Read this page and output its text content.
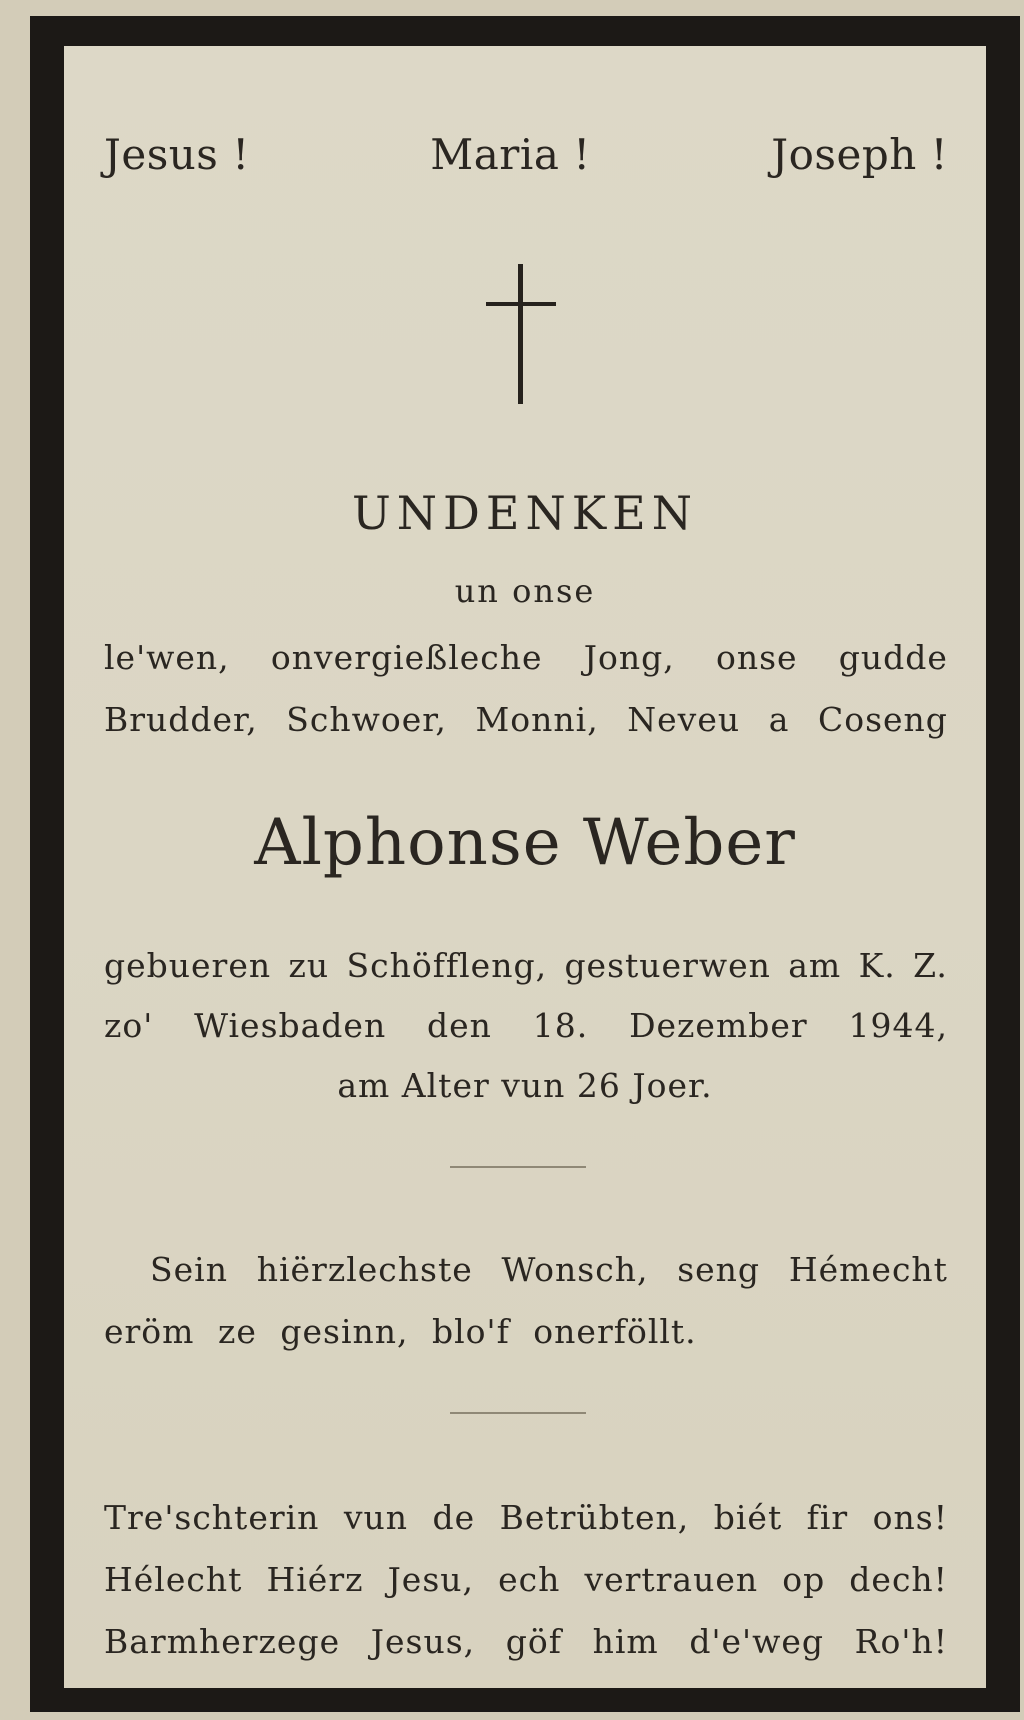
Jesus !	Maria !	Joseph !
UNDENKEN
un onse
le'wen, onvergießleche Jong, onse gudde
Brudder, Schwoer, Monni, Neveu a Coseng
Alphonse Weber
gebueren zu Schöffleng, gestuerwen am K. Z.
zo' Wiesbaden den 18. Dezember 1944,
am Alter vun 26 Joer.
Sein hiërzlechste Wonsch, seng Hémecht
eröm ze gesinn, blo'f onerföllt.
Tre'schterin vun de Betrübten, biét fir ons!
Hélecht Hiérz Jesu, ech vertrauen op dech!
Barmherzege Jesus, göf him d'e'weg Ro'h!
